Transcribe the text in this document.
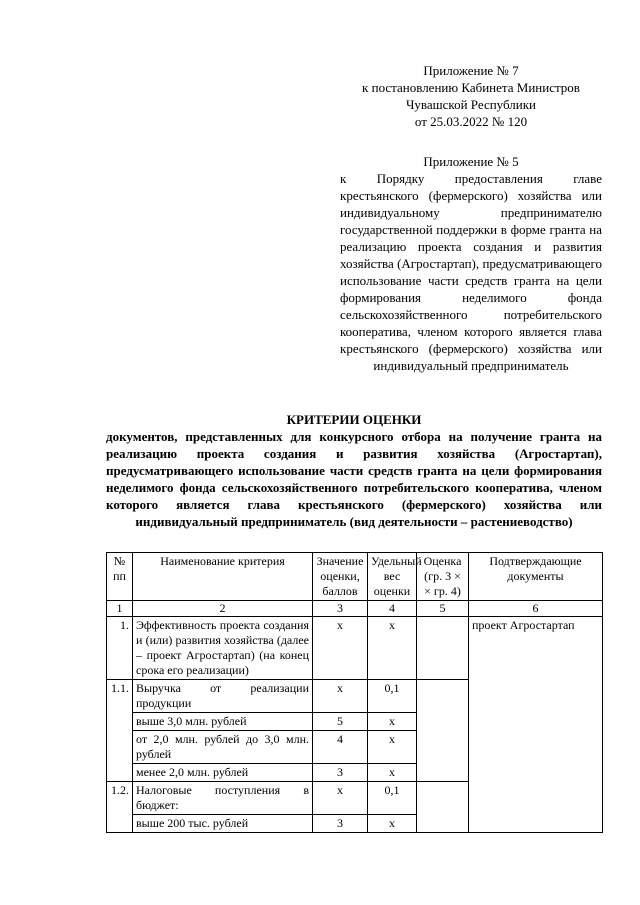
Приложение № 7
к постановлению Кабинета Министров
Чувашской Республики
от 25.03.2022 № 120
Приложение № 5
к Порядку предоставления главе крестьянского (фермерского) хозяйства или индивидуальному предпринимателю государственной поддержки в форме гранта на реализацию проекта создания и развития хозяйства (Агростартап), предусматривающего использование части средств гранта на цели формирования неделимого фонда сельскохозяйственного потребительского кооператива, членом которого является глава крестьянского (фермерского) хозяйства или индивидуальный предприниматель
КРИТЕРИИ ОЦЕНКИ
документов, представленных для конкурсного отбора на получение гранта на реализацию проекта создания и развития хозяйства (Агростартап), предусматривающего использование части средств гранта на цели формирования неделимого фонда сельскохозяйственного потребительского кооператива, членом которого является глава крестьянского (фермерского) хозяйства или индивидуальный предприниматель (вид деятельности – растениеводство)
№ пп	Наименование критерия	Значение оценки, баллов	Удельный вес оценки	Оценка (гр. 3 × × гр. 4)	Подтверждающие документы
1	2	3	4	5	6
1.	Эффективность проекта создания и (или) развития хозяйства (далее – проект Агростартап) (на конец срока его реализации)	х	х		проект Агростартап
1.1.	Выручка от реализации продукции	х	0,1		
	выше 3,0 млн. рублей	5	х		
	от 2,0 млн. рублей до 3,0 млн. рублей	4	х		
	менее 2,0 млн. рублей	3	х		
1.2.	Налоговые поступления в бюджет:	х	0,1		
	выше 200 тыс. рублей	3	х		
